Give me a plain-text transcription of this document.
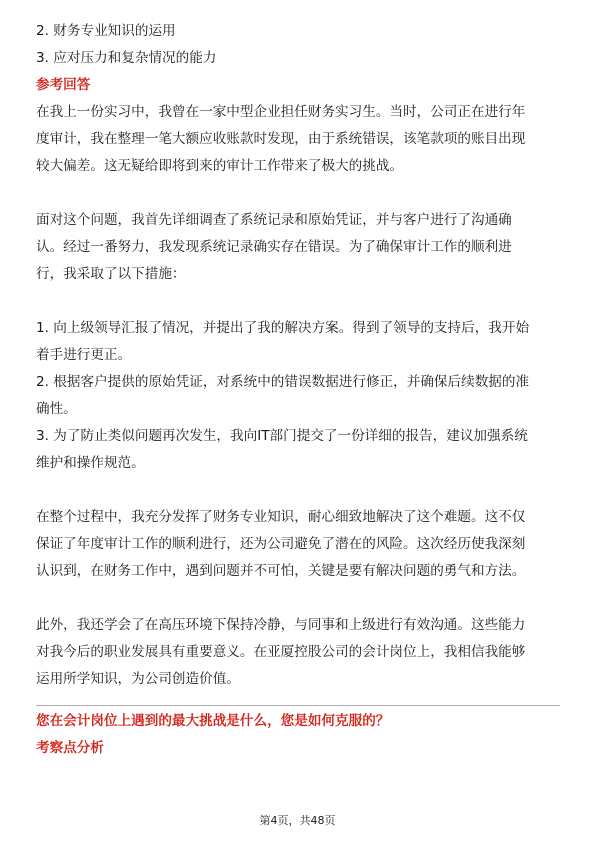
2. 财务专业知识的运用

3. 应对压力和复杂情况的能力

参考回答

在我上一份实习中，我曾在一家中型企业担任财务实习生。当时，公司正在进行年

度审计，我在整理一笔大额应收账款时发现，由于系统错误，该笔款项的账目出现

较大偏差。这无疑给即将到来的审计工作带来了极大的挑战。

面对这个问题，我首先详细调查了系统记录和原始凭证，并与客户进行了沟通确

认。经过一番努力，我发现系统记录确实存在错误。为了确保审计工作的顺利进

行，我采取了以下措施：

1. 向上级领导汇报了情况，并提出了我的解决方案。得到了领导的支持后，我开始

着手进行更正。

2. 根据客户提供的原始凭证，对系统中的错误数据进行修正，并确保后续数据的准

确性。

3. 为了防止类似问题再次发生，我向IT部门提交了一份详细的报告，建议加强系统

维护和操作规范。

在整个过程中，我充分发挥了财务专业知识，耐心细致地解决了这个难题。这不仅

保证了年度审计工作的顺利进行，还为公司避免了潜在的风险。这次经历使我深刻

认识到，在财务工作中，遇到问题并不可怕，关键是要有解决问题的勇气和方法。

此外，我还学会了在高压环境下保持冷静，与同事和上级进行有效沟通。这些能力

对我今后的职业发展具有重要意义。在亚厦控股公司的会计岗位上，我相信我能够

运用所学知识，为公司创造价值。

您在会计岗位上遇到的最大挑战是什么，您是如何克服的？

考察点分析

第4页，共48页
